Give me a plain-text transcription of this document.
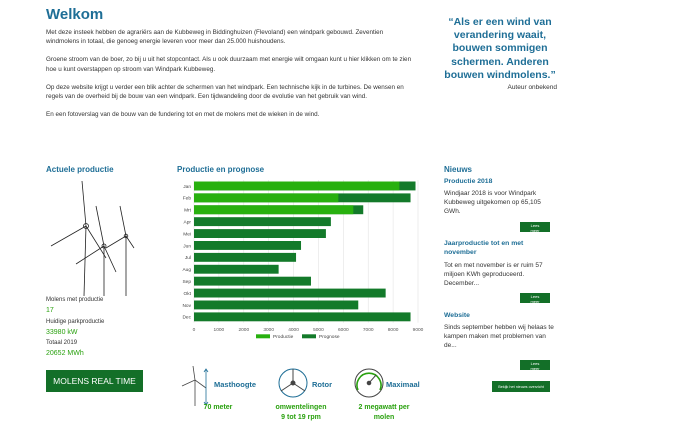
Welkom

Met deze insteek hebben de agrariërs aan de Kubbeweg in Biddinghuizen (Flevoland) een windpark gebouwd. Zeventien windmolens in totaal, die genoeg energie leveren voor meer dan 25.000 huishoudens.

Groene stroom van de boer, zo bij u uit het stopcontact. Als u ook duurzaam met energie wilt omgaan kunt u hier klikken om te zien hoe u kunt overstappen op stroom van Windpark Kubbeweg.

Op deze website krijgt u verder een blik achter de schermen van het windpark. Een technische kijk in de turbines. De wensen en regels van de overheid bij de bouw van een windpark. Een tijdwandeling door de evolutie van het gebruik van wind.

En een fotoverslag van de bouw van de fundering tot en met de molens met de wieken in de wind.

“Als er een wind van verandering waait, bouwen sommigen schermen. Anderen bouwen windmolens.”
Auteur onbekend
Actuele productie
Molens met productie
17
Huidige parkproductie
33980 kW
Totaal 2019
20652 MWh
MOLENS REAL TIME
Productie en prognose
0	1000	2000	3000	4000	5000	6000	7000	8000	9000
Jan
Feb
Mrt
Apr
Mei
Jun
Jul
Aug
Sep
Okt
Nov
Dec
Productie	Prognose
Nieuws
Productie 2018
Windjaar 2018 is voor Windpark Kubbeweg uitgekomen op 65,105 GWh.
Lees meer
Jaarproductie tot en met november
Tot en met november is er ruim 57 miljoen KWh geproduceerd. December...
Lees meer
Website
Sinds september hebben wij helaas te kampen maken met problemen van de...
Lees meer
Bekijk het nieuws overzicht
Masthoogte
70 meter
Rotor
omwentelingen
9 tot 19 rpm
Maximaal
2 megawatt per
molen
